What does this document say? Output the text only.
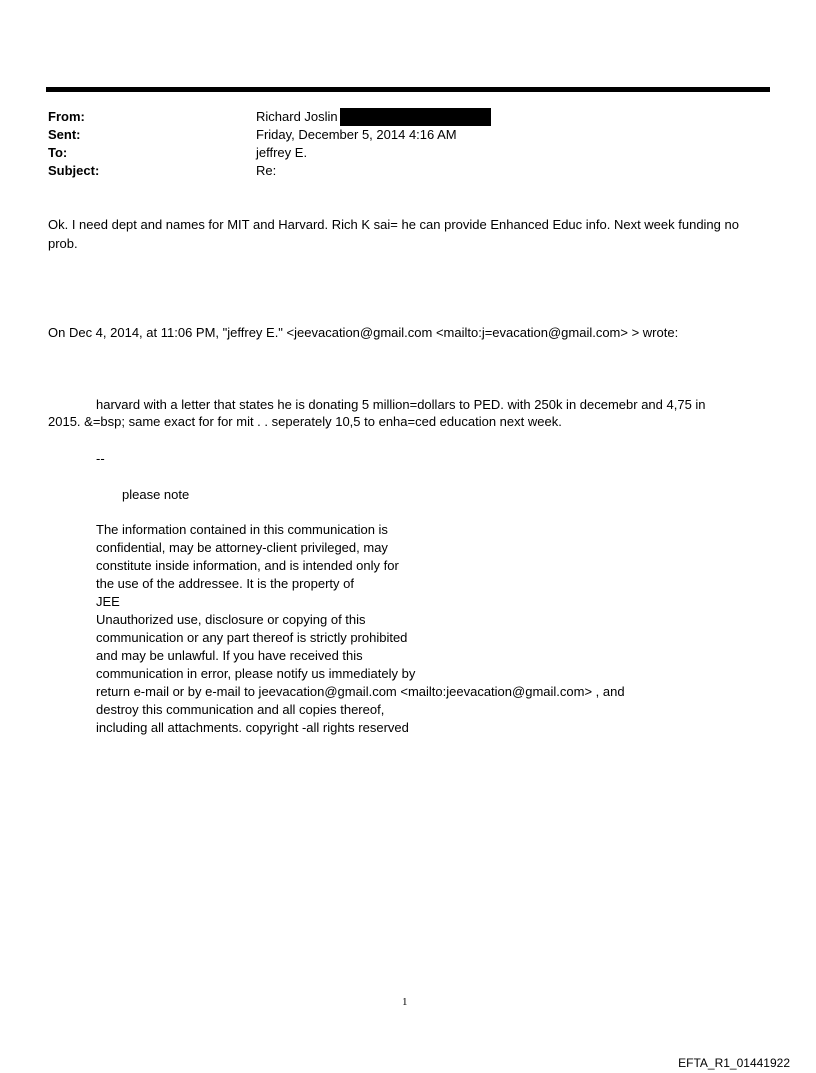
From:	Richard Joslin
Sent:	Friday, December 5, 2014 4:16 AM
To:	jeffrey E.
Subject:	Re:
Ok. I need dept and names for MIT and Harvard. Rich K sai= he can provide Enhanced Educ info. Next week funding no
prob.
On Dec 4, 2014, at 11:06 PM, "jeffrey E." <jeevacation@gmail.com <mailto:j=evacation@gmail.com> > wrote:
harvard with a letter that states he is donating 5 million=dollars to PED. with 250k in decemebr and 4,75 in
2015. &=bsp; same exact for for mit . . seperately 10,5 to enha=ced education next week.
--
please note
The information contained in this communication is
confidential, may be attorney-client privileged, may
constitute inside information, and is intended only for
the use of the addressee. It is the property of
JEE
Unauthorized use, disclosure or copying of this
communication or any part thereof is strictly prohibited
and may be unlawful. If you have received this
communication in error, please notify us immediately by
return e-mail or by e-mail to jeevacation@gmail.com <mailto:jeevacation@gmail.com> , and
destroy this communication and all copies thereof,
including all attachments. copyright -all rights reserved
1
EFTA_R1_01441922
